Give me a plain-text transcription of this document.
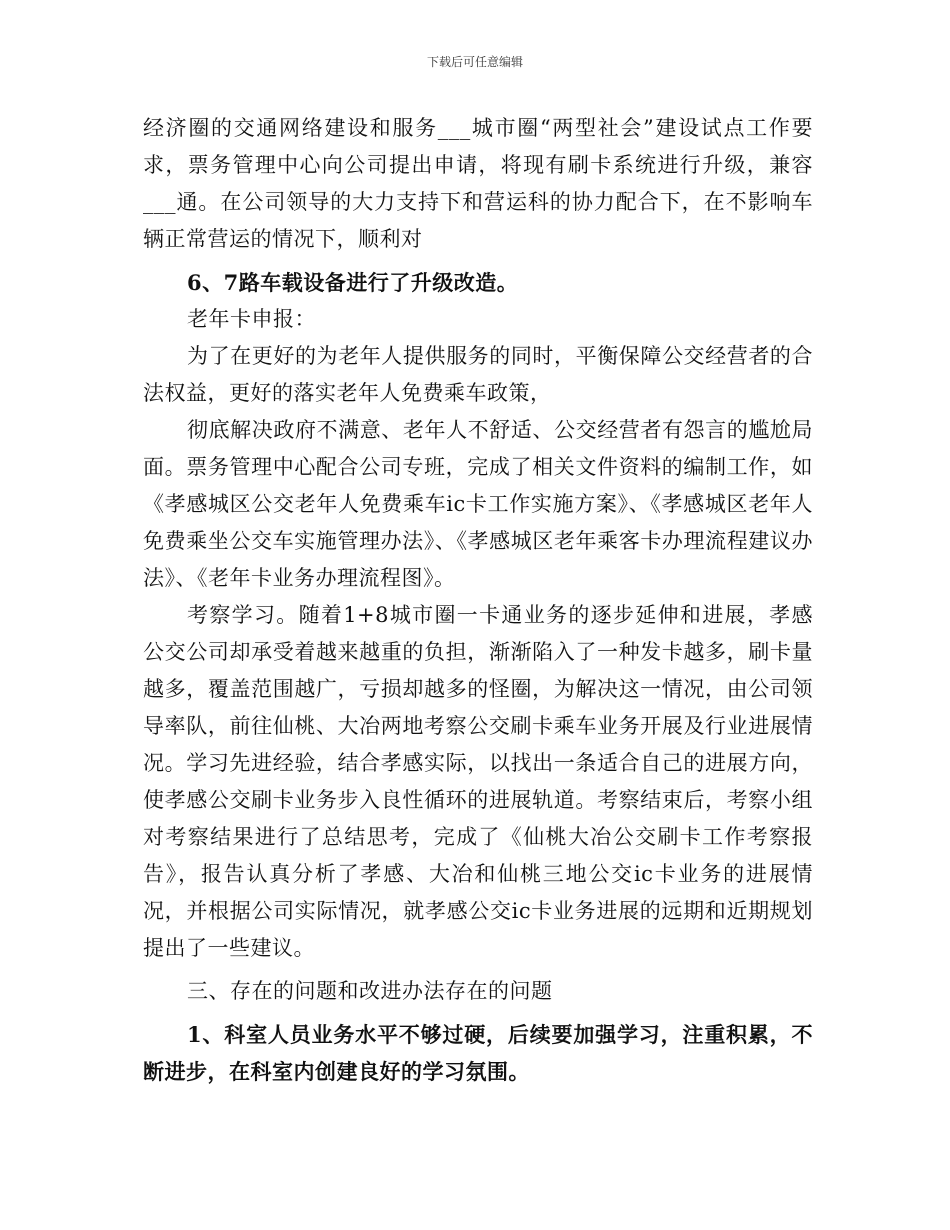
下载后可任意编辑

经济圈的交通网络建设和服务___城市圈“两型社会”建设试点工作要求，票务管理中心向公司提出申请，将现有刷卡系统进行升级，兼容___通。在公司领导的大力支持下和营运科的协力配合下，在不影响车辆正常营运的情况下，顺利对

6、7路车载设备进行了升级改造。

老年卡申报：

为了在更好的为老年人提供服务的同时，平衡保障公交经营者的合法权益，更好的落实老年人免费乘车政策，

彻底解决政府不满意、老年人不舒适、公交经营者有怨言的尴尬局面。票务管理中心配合公司专班，完成了相关文件资料的编制工作，如《孝感城区公交老年人免费乘车ic卡工作实施方案》、《孝感城区老年人免费乘坐公交车实施管理办法》、《孝感城区老年乘客卡办理流程建议办法》、《老年卡业务办理流程图》。

考察学习。随着1+8城市圈一卡通业务的逐步延伸和进展，孝感公交公司却承受着越来越重的负担，渐渐陷入了一种发卡越多，刷卡量越多，覆盖范围越广，亏损却越多的怪圈，为解决这一情况，由公司领导率队，前往仙桃、大冶两地考察公交刷卡乘车业务开展及行业进展情况。学习先进经验，结合孝感实际，以找出一条适合自己的进展方向，使孝感公交刷卡业务步入良性循环的进展轨道。考察结束后，考察小组对考察结果进行了总结思考，完成了《仙桃大冶公交刷卡工作考察报告》，报告认真分析了孝感、大冶和仙桃三地公交ic卡业务的进展情况，并根据公司实际情况，就孝感公交ic卡业务进展的远期和近期规划提出了一些建议。

三、存在的问题和改进办法存在的问题

1、科室人员业务水平不够过硬，后续要加强学习，注重积累，不断进步，在科室内创建良好的学习氛围。
